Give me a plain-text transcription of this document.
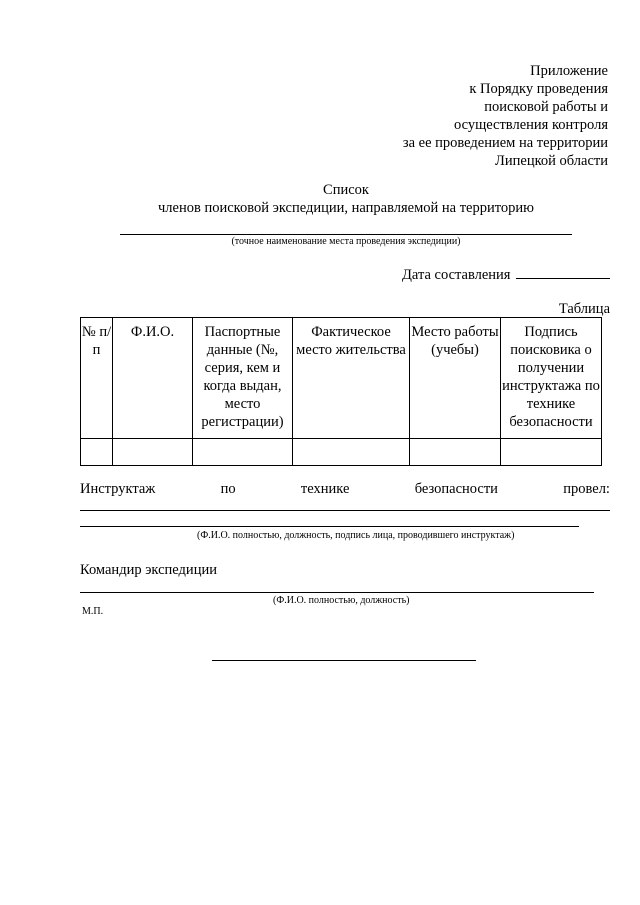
Приложение
к Порядку проведения
поисковой работы и
осуществления контроля
за ее проведением на территории
Липецкой области
Список
членов поисковой экспедиции, направляемой на территорию
(точное наименование места проведения экспедиции)
Дата составления
Таблица
№ п/п	Ф.И.О.	Паспортные данные (№, серия, кем и когда выдан, место регистрации)	Фактическое место жительства	Место работы (учебы)	Подпись поисковика о получении инструктажа по технике безопасности

Инструктаж	по	технике	безопасности	провел:
(Ф.И.О. полностью, должность, подпись лица, проводившего инструктаж)
Командир экспедиции
(Ф.И.О. полностью, должность)
М.П.
